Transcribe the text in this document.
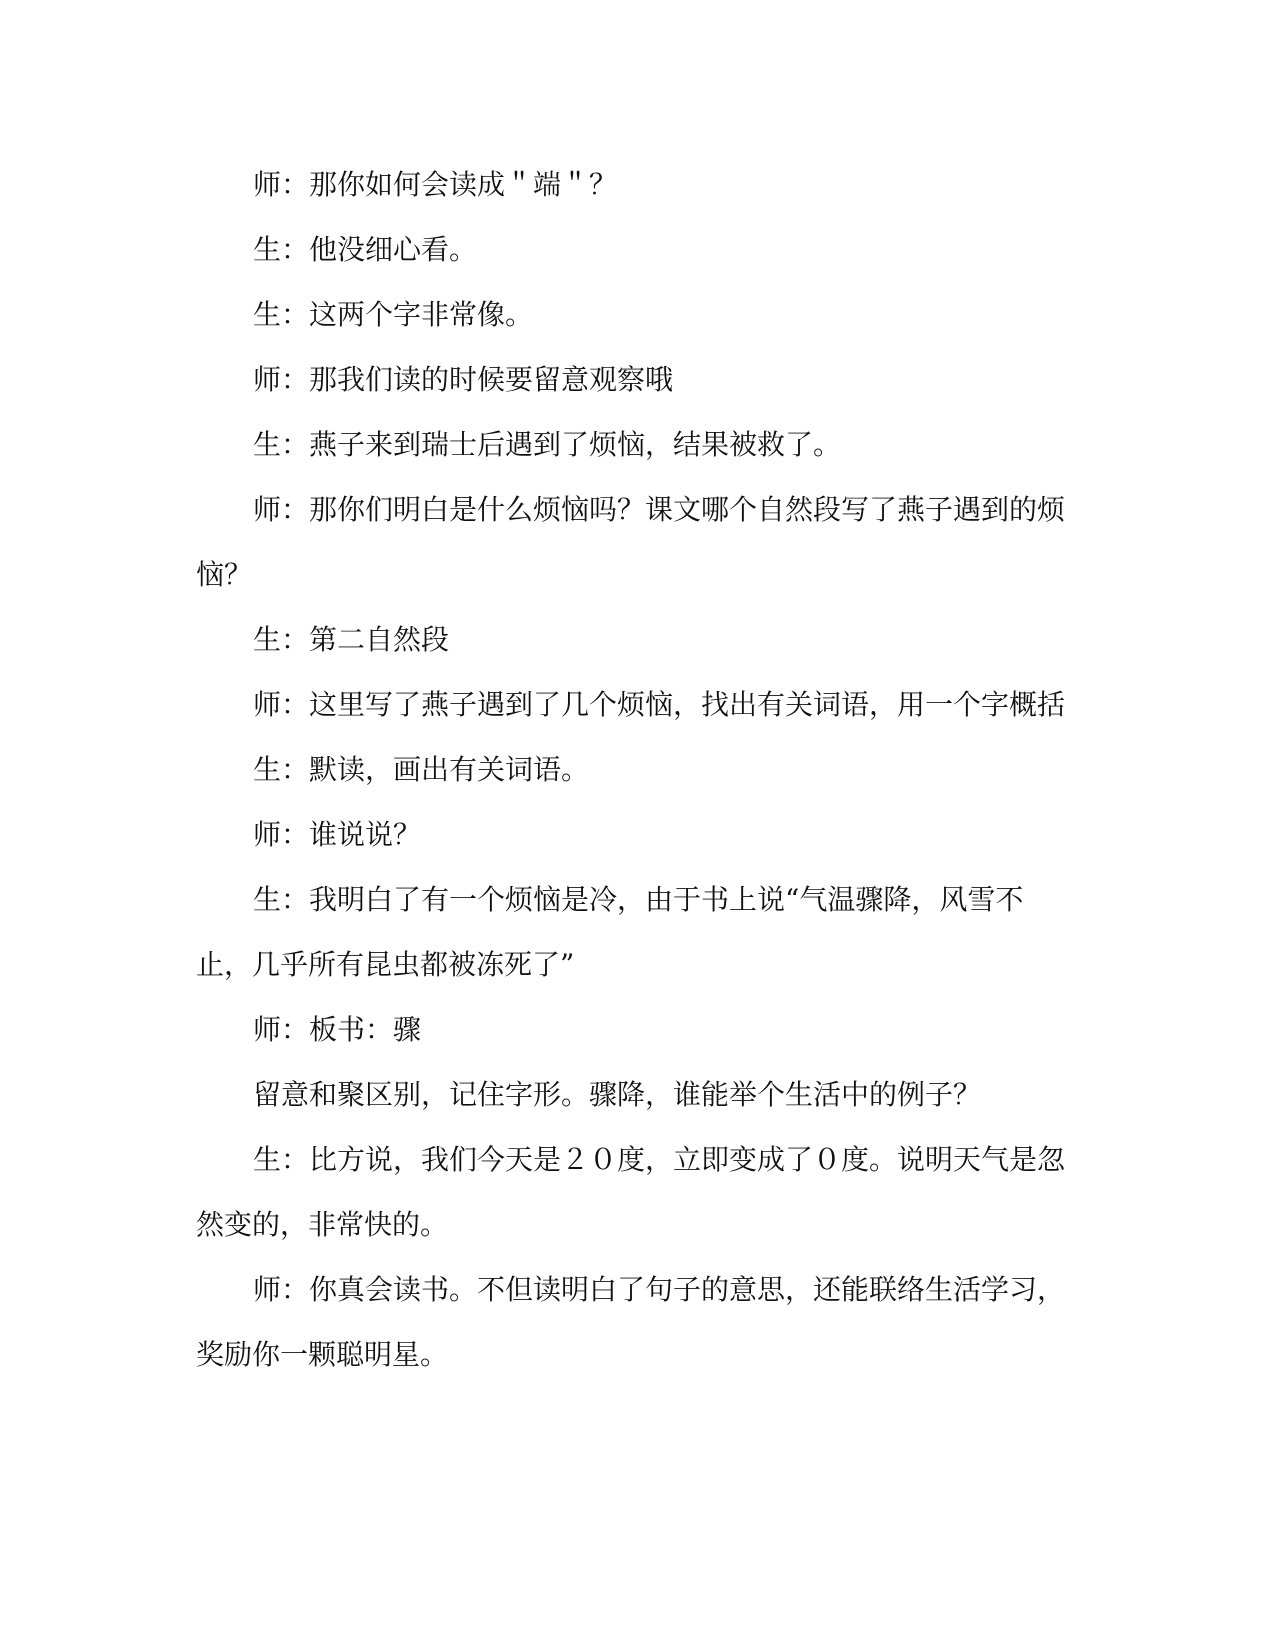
师：那你如何会读成＂端＂？

生：他没细心看。

生：这两个字非常像。

师：那我们读的时候要留意观察哦

生：燕子来到瑞士后遇到了烦恼，结果被救了。

师：那你们明白是什么烦恼吗？课文哪个自然段写了燕子遇到的烦恼？

生：第二自然段

师：这里写了燕子遇到了几个烦恼，找出有关词语，用一个字概括

生：默读，画出有关词语。

师：谁说说？

生：我明白了有一个烦恼是冷，由于书上说“气温骤降，风雪不止，几乎所有昆虫都被冻死了”

师：板书：骤

留意和聚区别，记住字形。骤降，谁能举个生活中的例子？

生：比方说，我们今天是２０度，立即变成了０度。说明天气是忽然变的，非常快的。

师：你真会读书。不但读明白了句子的意思，还能联络生活学习，奖励你一颗聪明星。
